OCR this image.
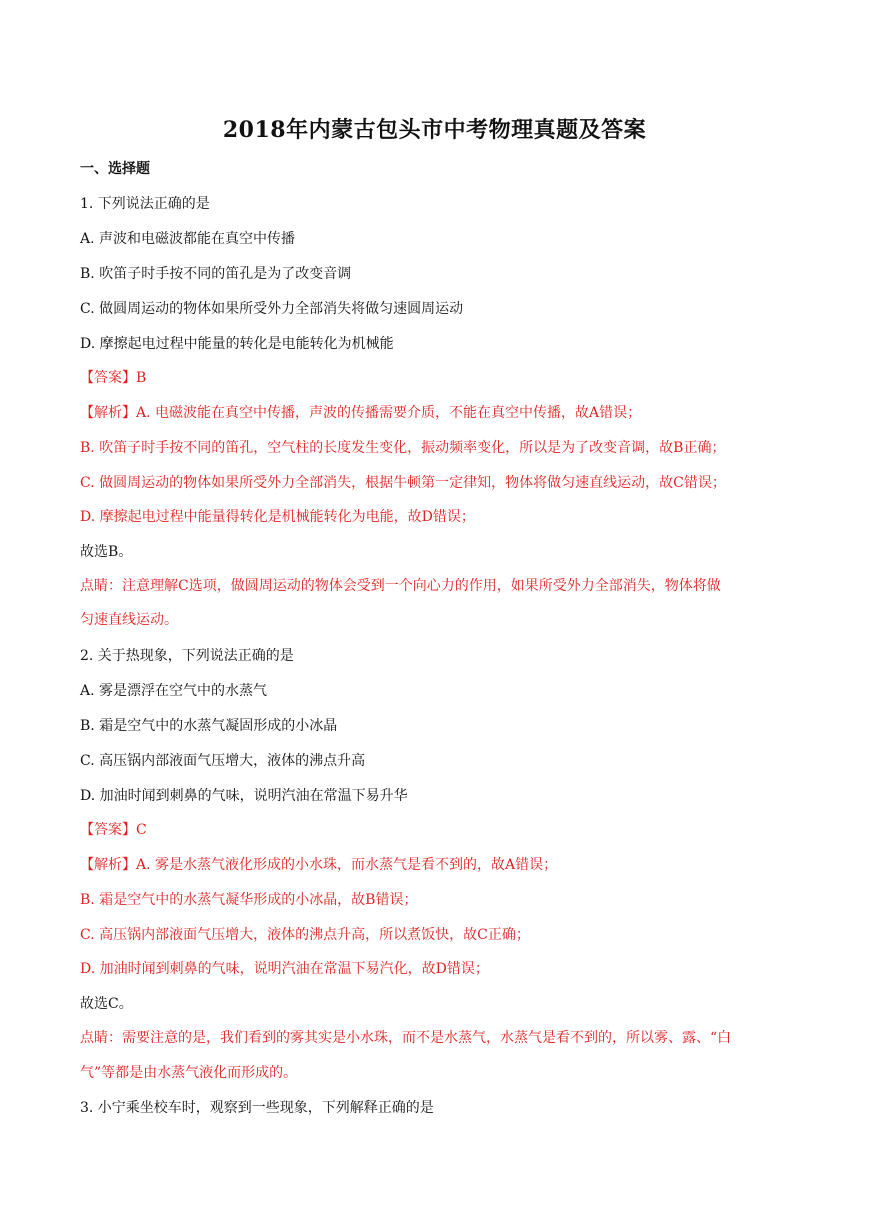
2018年内蒙古包头市中考物理真题及答案
一、选择题
1. 下列说法正确的是
A. 声波和电磁波都能在真空中传播
B. 吹笛子时手按不同的笛孔是为了改变音调
C. 做圆周运动的物体如果所受外力全部消失将做匀速圆周运动
D. 摩擦起电过程中能量的转化是电能转化为机械能
【答案】B
【解析】A. 电磁波能在真空中传播，声波的传播需要介质，不能在真空中传播，故A错误；
B. 吹笛子时手按不同的笛孔，空气柱的长度发生变化，振动频率变化，所以是为了改变音调，故B正确；
C. 做圆周运动的物体如果所受外力全部消失，根据牛顿第一定律知，物体将做匀速直线运动，故C错误；
D. 摩擦起电过程中能量得转化是机械能转化为电能，故D错误；
故选B。
点睛：注意理解C选项，做圆周运动的物体会受到一个向心力的作用，如果所受外力全部消失，物体将做
匀速直线运动。
2. 关于热现象，下列说法正确的是
A. 雾是漂浮在空气中的水蒸气
B. 霜是空气中的水蒸气凝固形成的小冰晶
C. 高压锅内部液面气压增大，液体的沸点升高
D. 加油时闻到刺鼻的气味，说明汽油在常温下易升华
【答案】C
【解析】A. 雾是水蒸气液化形成的小水珠，而水蒸气是看不到的，故A错误；
B. 霜是空气中的水蒸气凝华形成的小冰晶，故B错误；
C. 高压锅内部液面气压增大，液体的沸点升高，所以煮饭快，故C正确；
D. 加油时闻到刺鼻的气味，说明汽油在常温下易汽化，故D错误；
故选C。
点睛：需要注意的是，我们看到的雾其实是小水珠，而不是水蒸气，水蒸气是看不到的，所以雾、露、“白
气”等都是由水蒸气液化而形成的。
3. 小宁乘坐校车时，观察到一些现象，下列解释正确的是
